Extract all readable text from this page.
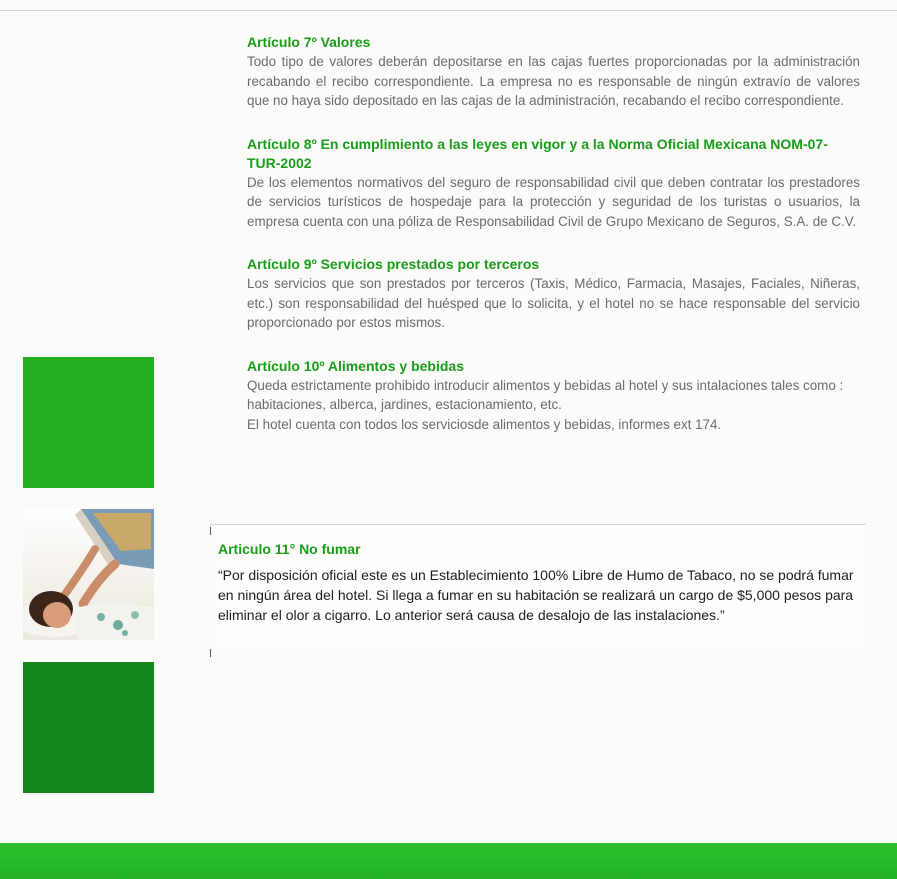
Artículo 7º Valores

Todo tipo de valores deberán depositarse en las cajas fuertes proporcionadas por la administración recabando el recibo correspondiente. La empresa no es responsable de ningún extravío de valores que no haya sido depositado en las cajas de la administración, recabando el recibo correspondiente.

Artículo 8º En cumplimiento a las leyes en vigor y a la Norma Oficial Mexicana NOM-07-TUR-2002

De los elementos normativos del seguro de responsabilidad civil que deben contratar los prestadores de servicios turísticos de hospedaje para la protección y seguridad de los turistas o usuarios, la empresa cuenta con una póliza de Responsabilidad Civil de Grupo Mexicano de Seguros, S.A. de C.V.

Artículo 9º Servicios prestados por terceros

Los servicios que son prestados por terceros (Taxis, Médico, Farmacia, Masajes, Faciales, Niñeras, etc.) son responsabilidad del huésped que lo solicita, y el hotel no se hace responsable del servicio proporcionado por estos mismos.

Artículo 10º Alimentos y bebidas

Queda estrictamente prohibido introducir alimentos y bebidas al hotel y sus intalaciones tales como : habitaciones, alberca, jardines, estacionamiento, etc.

El hotel cuenta con todos los serviciosde alimentos y bebidas, informes ext 174.

Articulo 11° No fumar

“Por disposición oficial este es un Establecimiento 100% Libre de Humo de Tabaco, no se podrá fumar en ningún área del hotel. Si llega a fumar en su habitación se realizará un cargo de $5,000 pesos para eliminar el olor a cigarro. Lo anterior será causa de desalojo de las instalaciones.”
